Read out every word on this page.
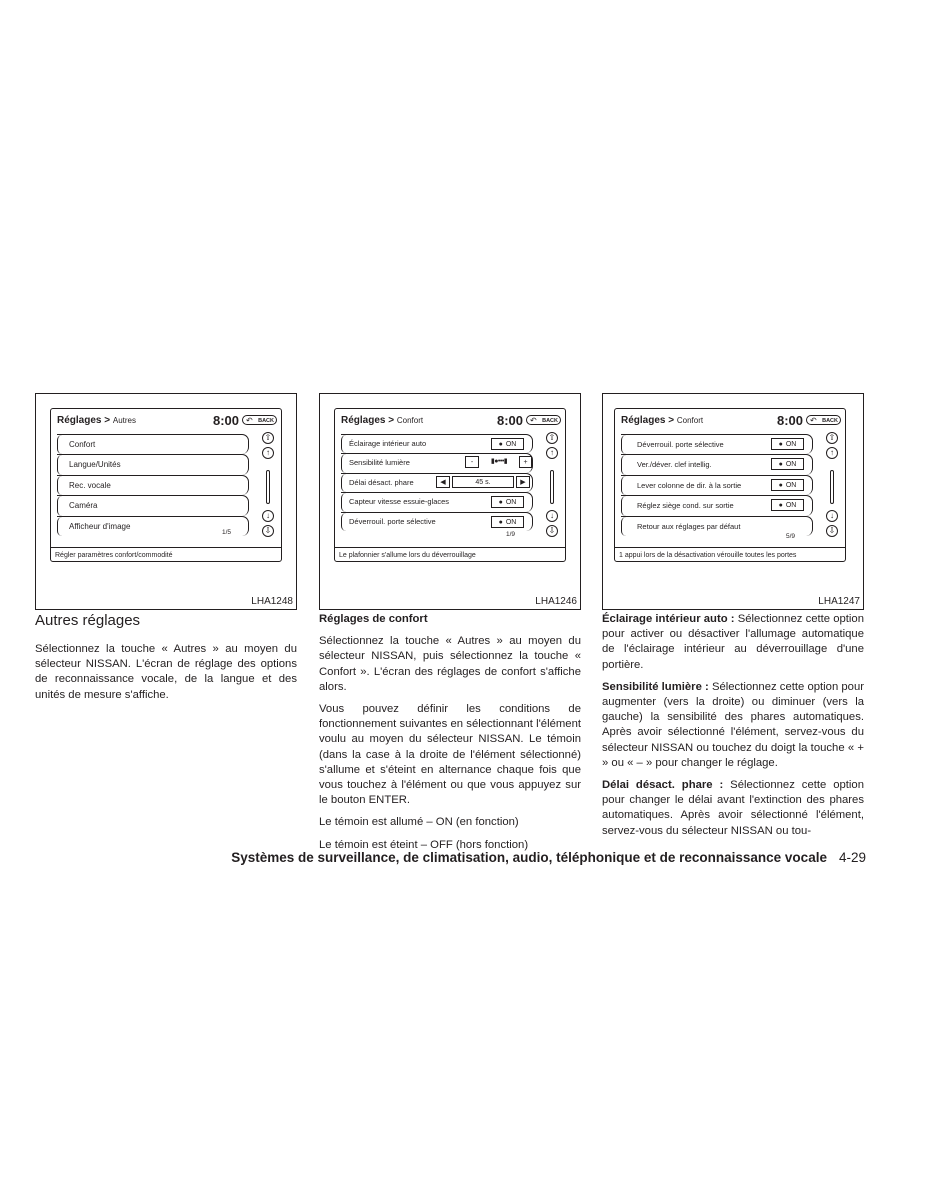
Réglages > Autres	8:00	↶ BACK
Confort
Langue/Unités
Rec. vocale
Caméra
Afficheur d'image
1/5
⇧
↑
↓
⇩
Régler paramètres confort/commodité
LHA1248
Réglages > Confort	8:00	↶ BACK
Éclairage intérieur auto	● ON
Sensibilité lumière	-	▮●•••▮	+
Délai désact. phare	◀	45 s.	▶
Capteur vitesse essuie-glaces	● ON
Déverrouil. porte sélective	● ON
1/9
⇧
↑
↓
⇩
Le plafonnier s'allume lors du déverrouillage
LHA1246
Réglages > Confort	8:00	↶ BACK
Déverrouil. porte sélective	● ON
Ver./déver. clef intellig.	● ON
Lever colonne de dir. à la sortie	● ON
Réglez siège cond. sur sortie	● ON
Retour aux réglages par défaut
5/9
⇧
↑
↓
⇩
1 appui lors de la désactivation vérouille toutes les portes
LHA1247
Autres réglages

Sélectionnez la touche « Autres » au moyen du sélecteur NISSAN. L'écran de réglage des options de reconnaissance vocale, de la langue et des unités de mesure s'affiche.

Réglages de confort

Sélectionnez la touche « Autres » au moyen du sélecteur NISSAN, puis sélectionnez la touche « Confort ». L'écran des réglages de confort s'affiche alors.

Vous pouvez définir les conditions de fonctionnement suivantes en sélectionnant l'élément voulu au moyen du sélecteur NISSAN. Le témoin (dans la case à la droite de l'élément sélectionné) s'allume et s'éteint en alternance chaque fois que vous touchez à l'élément ou que vous appuyez sur le bouton ENTER.

Le témoin est allumé – ON (en fonction)

Le témoin est éteint – OFF (hors fonction)

Éclairage intérieur auto : Sélectionnez cette option pour activer ou désactiver l'allumage automatique de l'éclairage intérieur au déverrouillage d'une portière.

Sensibilité lumière : Sélectionnez cette option pour augmenter (vers la droite) ou diminuer (vers la gauche) la sensibilité des phares automatiques. Après avoir sélectionné l'élément, servez-vous du sélecteur NISSAN ou touchez du doigt la touche « + » ou « – » pour changer le réglage.

Délai désact. phare : Sélectionnez cette option pour changer le délai avant l'extinction des phares automatiques. Après avoir sélectionné l'élément, servez-vous du sélecteur NISSAN ou tou-

Systèmes de surveillance, de climatisation, audio, téléphonique et de reconnaissance vocale 4-29
